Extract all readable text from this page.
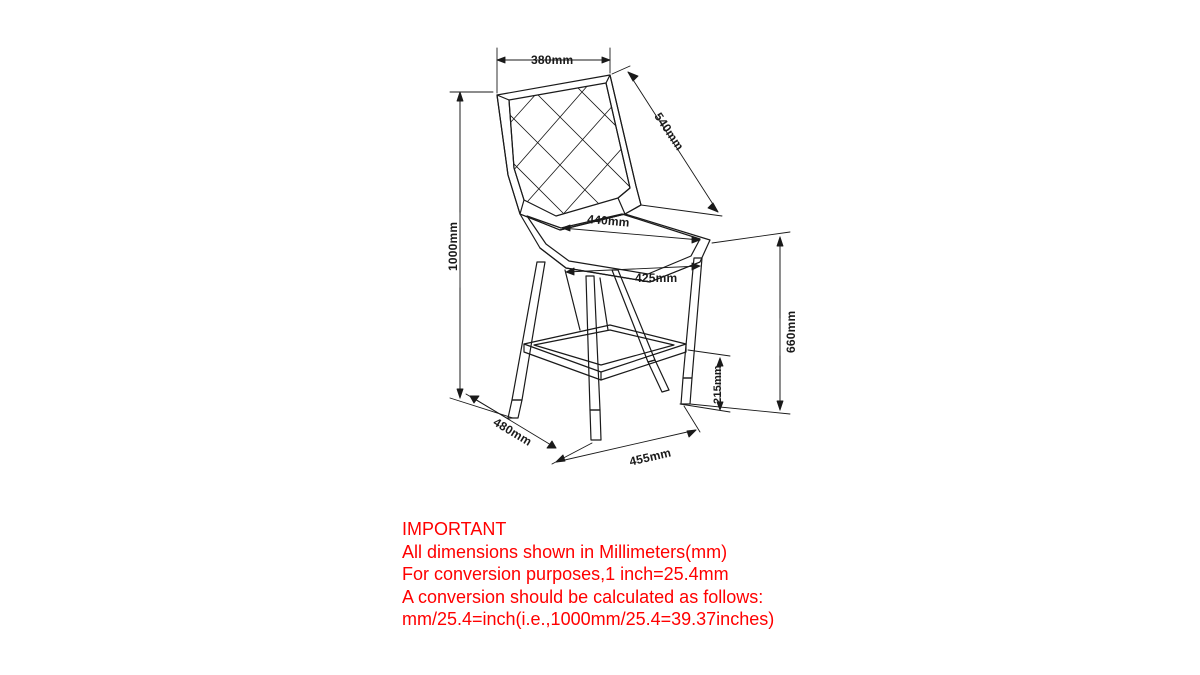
380mm
540mm
1000mm
440mm
425mm
660mm
215mm
480mm
455mm
IMPORTANT
All dimensions shown in Millimeters(mm)
For conversion purposes,1 inch=25.4mm
A conversion should be calculated as follows:
mm/25.4=inch(i.e.,1000mm/25.4=39.37inches)
